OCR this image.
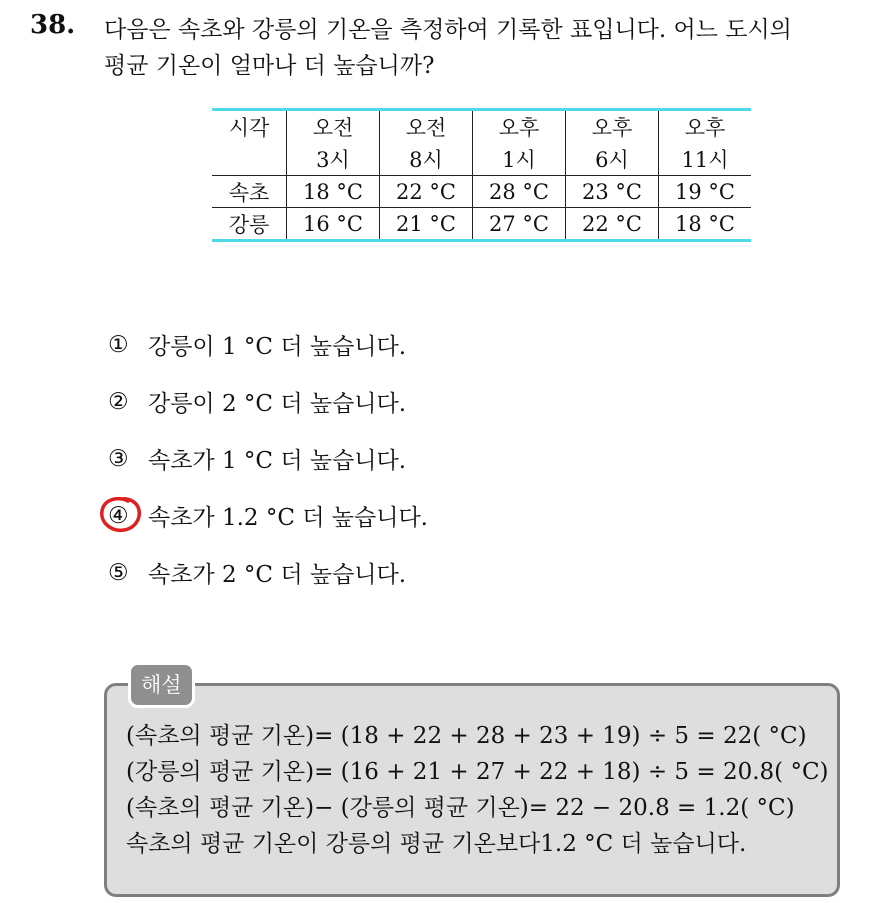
38. 다음은 속초와 강릉의 기온을 측정하여 기록한 표입니다. 어느 도시의
평균 기온이 얼마나 더 높습니까?
시각	오전	오전	오후	오후	오후
	3시	8시	1시	6시	11시
속초	18 °C	22 °C	28 °C	23 °C	19 °C
강릉	16 °C	21 °C	27 °C	22 °C	18 °C
① 강릉이 1 °C 더 높습니다.
② 강릉이 2 °C 더 높습니다.
③ 속초가 1 °C 더 높습니다.
④ 속초가 1.2 °C 더 높습니다.
⑤ 속초가 2 °C 더 높습니다.
해설
(속초의 평균 기온)= (18 + 22 + 28 + 23 + 19) ÷ 5 = 22( °C)
(강릉의 평균 기온)= (16 + 21 + 27 + 22 + 18) ÷ 5 = 20.8( °C)
(속초의 평균 기온)− (강릉의 평균 기온)= 22 − 20.8 = 1.2( °C)
속초의 평균 기온이 강릉의 평균 기온보다1.2 °C 더 높습니다.
